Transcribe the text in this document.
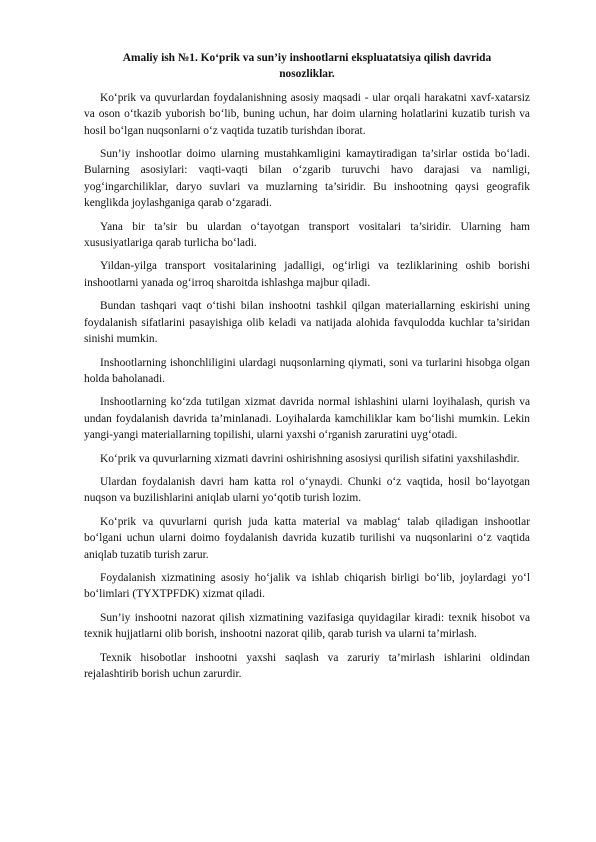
Amaliy ish №1. Ko‘prik va sun’iy inshootlarni ekspluatatsiya qilish davrida nosozliklar.

Ko‘prik va quvurlardan foydalanishning asosiy maqsadi - ular orqali harakatni xavf-xatarsiz va oson o‘tkazib yuborish bo‘lib, buning uchun, har doim ularning holatlarini kuzatib turish va hosil bo‘lgan nuqsonlarni o‘z vaqtida tuzatib turishdan iborat.

Sun’iy inshootlar doimo ularning mustahkamligini kamaytiradigan ta’sirlar ostida bo‘ladi. Bularning asosiylari: vaqti-vaqti bilan o‘zgarib turuvchi havo darajasi va namligi, yog‘ingarchiliklar, daryo suvlari va muzlarning ta’siridir. Bu inshootning qaysi geografik kenglikda joylashganiga qarab o‘zgaradi.

Yana bir ta’sir bu ulardan o‘tayotgan transport vositalari ta’siridir. Ularning ham xususiyatlariga qarab turlicha bo‘ladi.

Yildan-yilga transport vositalarining jadalligi, og‘irligi va tezliklarining oshib borishi inshootlarni yanada og‘irroq sharoitda ishlashga majbur qiladi.

Bundan tashqari vaqt o‘tishi bilan inshootni tashkil qilgan materiallarning eskirishi uning foydalanish sifatlarini pasayishiga olib keladi va natijada alohida favqulodda kuchlar ta’siridan sinishi mumkin.

Inshootlarning ishonchliligini ulardagi nuqsonlarning qiymati, soni va turlarini hisobga olgan holda baholanadi.

Inshootlarning ko‘zda tutilgan xizmat davrida normal ishlashini ularni loyihalash, qurish va undan foydalanish davrida ta’minlanadi. Loyihalarda kamchiliklar kam bo‘lishi mumkin. Lekin yangi-yangi materiallarning topilishi, ularni yaxshi o‘rganish zaruratini uyg‘otadi.

Ko‘prik va quvurlarning xizmati davrini oshirishning asosiysi qurilish sifatini yaxshilashdir.

Ulardan foydalanish davri ham katta rol o‘ynaydi. Chunki o‘z vaqtida, hosil bo‘layotgan nuqson va buzilishlarini aniqlab ularni yo‘qotib turish lozim.

Ko‘prik va quvurlarni qurish juda katta material va mablag‘ talab qiladigan inshootlar bo‘lgani uchun ularni doimo foydalanish davrida kuzatib turilishi va nuqsonlarini o‘z vaqtida aniqlab tuzatib turish zarur.

Foydalanish xizmatining asosiy ho‘jalik va ishlab chiqarish birligi bo‘lib, joylardagi yo‘l bo‘limlari (TYXTPFDK) xizmat qiladi.

Sun’iy inshootni nazorat qilish xizmatining vazifasiga quyidagilar kiradi: texnik hisobot va texnik hujjatlarni olib borish, inshootni nazorat qilib, qarab turish va ularni ta’mirlash.

Texnik hisobotlar inshootni yaxshi saqlash va zaruriy ta’mirlash ishlarini oldindan rejalashtirib borish uchun zarurdir.
